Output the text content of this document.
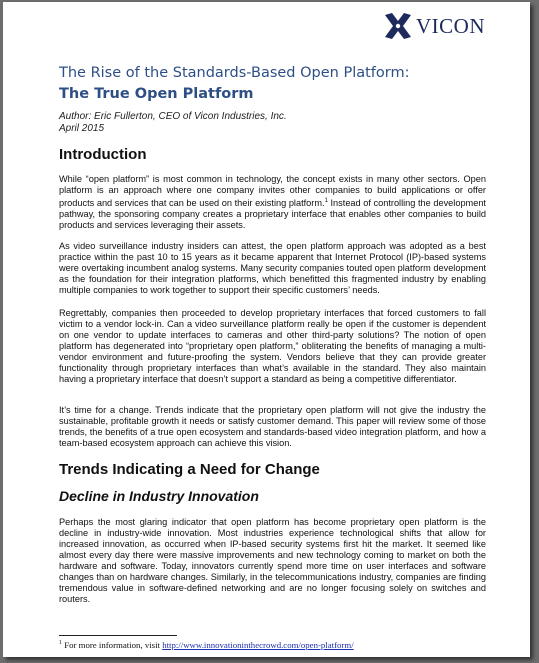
VICON
The Rise of the Standards-Based Open Platform:
The True Open Platform
Author: Eric Fullerton, CEO of Vicon Industries, Inc.
April 2015
Introduction

While “open platform” is most common in technology, the concept exists in many other sectors. Open platform is an approach where one company invites other companies to build applications or offer products and services that can be used on their existing platform.$^1$ Instead of controlling the development pathway, the sponsoring company creates a proprietary interface that enables other companies to build products and services leveraging their assets.

As video surveillance industry insiders can attest, the open platform approach was adopted as a best practice within the past 10 to 15 years as it became apparent that Internet Protocol (IP)-based systems were overtaking incumbent analog systems. Many security companies touted open platform development as the foundation for their integration platforms, which benefitted this fragmented industry by enabling multiple companies to work together to support their specific customers’ needs.

Regrettably, companies then proceeded to develop proprietary interfaces that forced customers to fall victim to a vendor lock-in. Can a video surveillance platform really be open if the customer is dependent on one vendor to update interfaces to cameras and other third-party solutions? The notion of open platform has degenerated into “proprietary open platform,” obliterating the benefits of managing a multi-vendor environment and future-proofing the system. Vendors believe that they can provide greater functionality through proprietary interfaces than what’s available in the standard. They also maintain having a proprietary interface that doesn’t support a standard as being a competitive differentiator.

It’s time for a change. Trends indicate that the proprietary open platform will not give the industry the sustainable, profitable growth it needs or satisfy customer demand. This paper will review some of those trends, the benefits of a true open ecosystem and standards-based video integration platform, and how a team-based ecosystem approach can achieve this vision.

Trends Indicating a Need for Change
Decline in Industry Innovation

Perhaps the most glaring indicator that open platform has become proprietary open platform is the decline in industry-wide innovation. Most industries experience technological shifts that allow for increased innovation, as occurred when IP-based security systems first hit the market. It seemed like almost every day there were massive improvements and new technology coming to market on both the hardware and software. Today, innovators currently spend more time on user interfaces and software changes than on hardware changes. Similarly, in the telecommunications industry, companies are finding tremendous value in software-defined networking and are no longer focusing solely on switches and routers.

$^1$ For more information, visit http://www.innovationinthecrowd.com/open-platform/
